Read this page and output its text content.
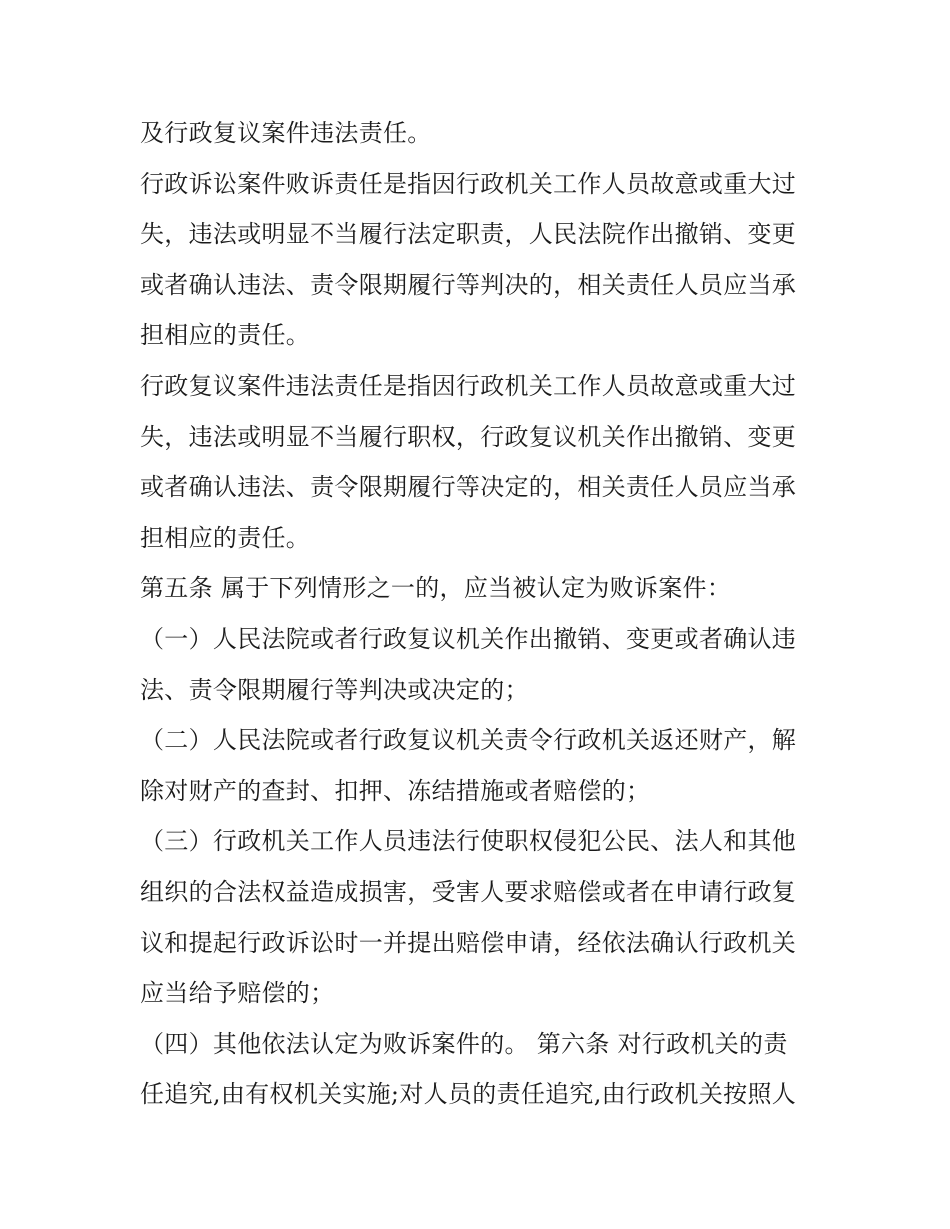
及行政复议案件违法责任。
行政诉讼案件败诉责任是指因行政机关工作人员故意或重大过
失，违法或明显不当履行法定职责，人民法院作出撤销、变更
或者确认违法、责令限期履行等判决的，相关责任人员应当承
担相应的责任。
行政复议案件违法责任是指因行政机关工作人员故意或重大过
失，违法或明显不当履行职权，行政复议机关作出撤销、变更
或者确认违法、责令限期履行等决定的，相关责任人员应当承
担相应的责任。
第五条 属于下列情形之一的，应当被认定为败诉案件：
（一）人民法院或者行政复议机关作出撤销、变更或者确认违
法、责令限期履行等判决或决定的；
（二）人民法院或者行政复议机关责令行政机关返还财产，解
除对财产的查封、扣押、冻结措施或者赔偿的；
（三）行政机关工作人员违法行使职权侵犯公民、法人和其他
组织的合法权益造成损害，受害人要求赔偿或者在申请行政复
议和提起行政诉讼时一并提出赔偿申请，经依法确认行政机关
应当给予赔偿的；
（四）其他依法认定为败诉案件的。 第六条 对行政机关的责
任追究,由有权机关实施;对人员的责任追究,由行政机关按照人
